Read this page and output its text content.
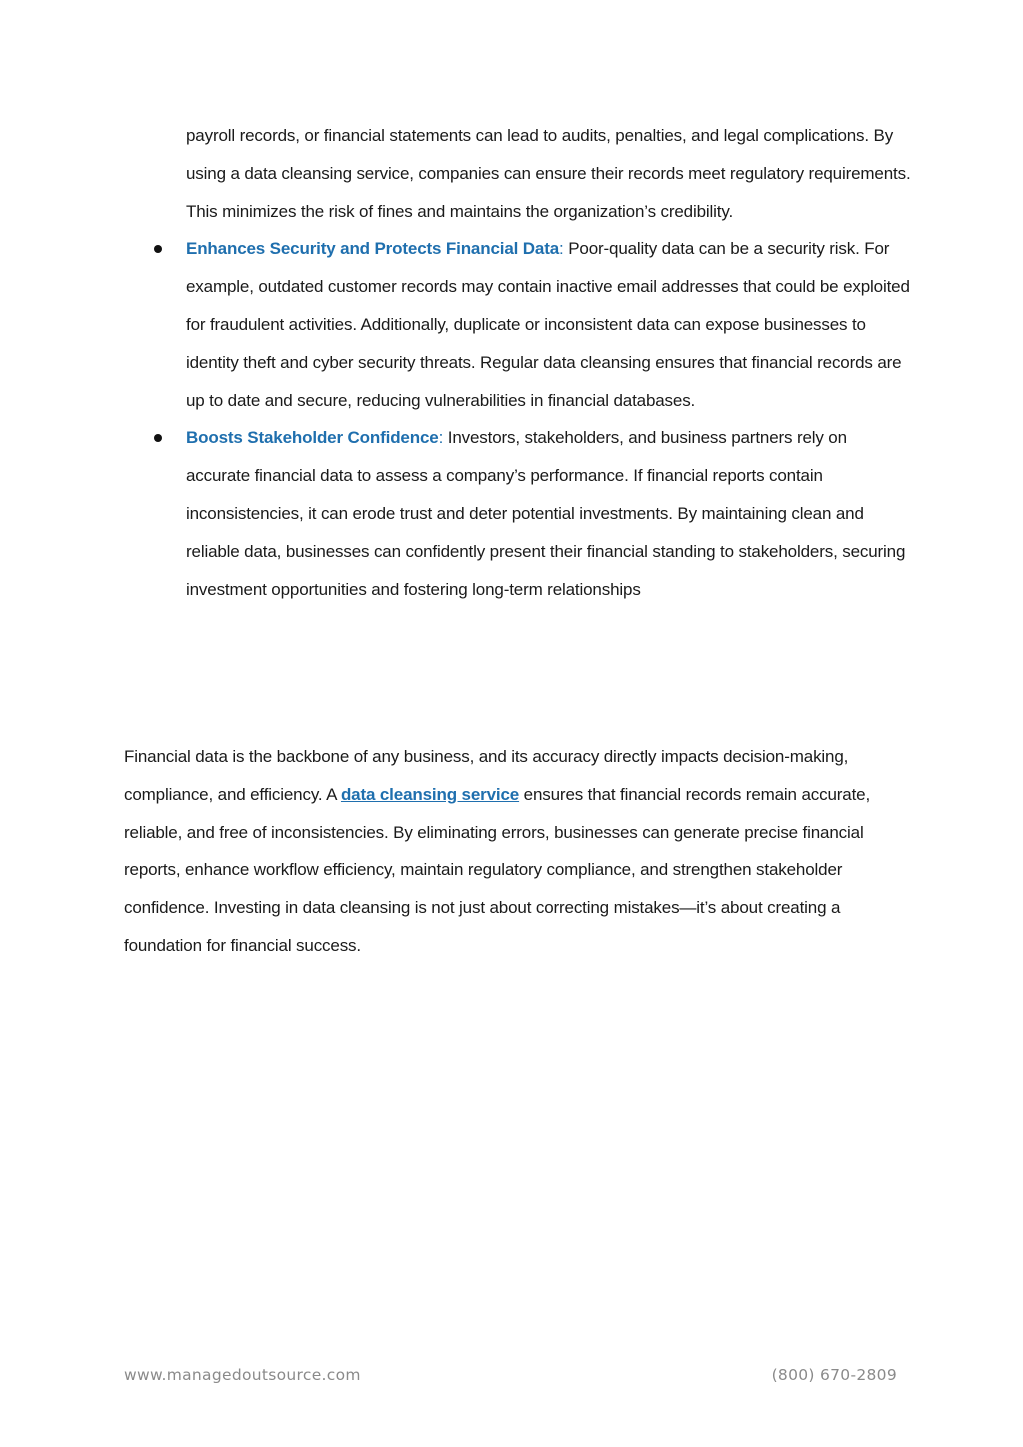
payroll records, or financial statements can lead to audits, penalties, and legal complications. By using a data cleansing service, companies can ensure their records meet regulatory requirements. This minimizes the risk of fines and maintains the organization’s credibility.
Enhances Security and Protects Financial Data: Poor-quality data can be a security risk. For example, outdated customer records may contain inactive email addresses that could be exploited for fraudulent activities. Additionally, duplicate or inconsistent data can expose businesses to identity theft and cyber security threats. Regular data cleansing ensures that financial records are up to date and secure, reducing vulnerabilities in financial databases.
Boosts Stakeholder Confidence: Investors, stakeholders, and business partners rely on accurate financial data to assess a company’s performance. If financial reports contain inconsistencies, it can erode trust and deter potential investments. By maintaining clean and reliable data, businesses can confidently present their financial standing to stakeholders, securing investment opportunities and fostering long-term relationships

Financial data is the backbone of any business, and its accuracy directly impacts decision-making, compliance, and efficiency. A data cleansing service ensures that financial records remain accurate, reliable, and free of inconsistencies. By eliminating errors, businesses can generate precise financial reports, enhance workflow efficiency, maintain regulatory compliance, and strengthen stakeholder confidence. Investing in data cleansing is not just about correcting mistakes—it’s about creating a foundation for financial success.

www.managedoutsource.com	(800) 670-2809
